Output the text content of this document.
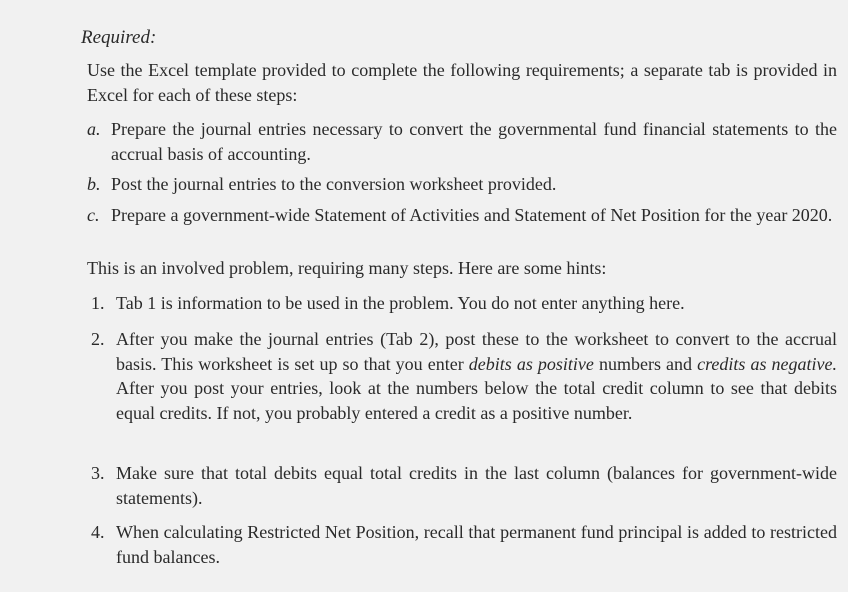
Required:
Use the Excel template provided to complete the following requirements; a separate tab is provided in Excel for each of these steps:
a. Prepare the journal entries necessary to convert the governmental fund financial statements to the accrual basis of accounting.
b. Post the journal entries to the conversion worksheet provided.
c. Prepare a government-wide Statement of Activities and Statement of Net Position for the year 2020.
This is an involved problem, requiring many steps. Here are some hints:
1. Tab 1 is information to be used in the problem. You do not enter anything here.
2. After you make the journal entries (Tab 2), post these to the worksheet to convert to the accrual basis. This worksheet is set up so that you enter debits as positive numbers and credits as negative. After you post your entries, look at the numbers below the total credit column to see that debits equal credits. If not, you probably entered a credit as a positive number.
3. Make sure that total debits equal total credits in the last column (balances for government-wide statements).
4. When calculating Restricted Net Position, recall that permanent fund principal is added to restricted fund balances.
